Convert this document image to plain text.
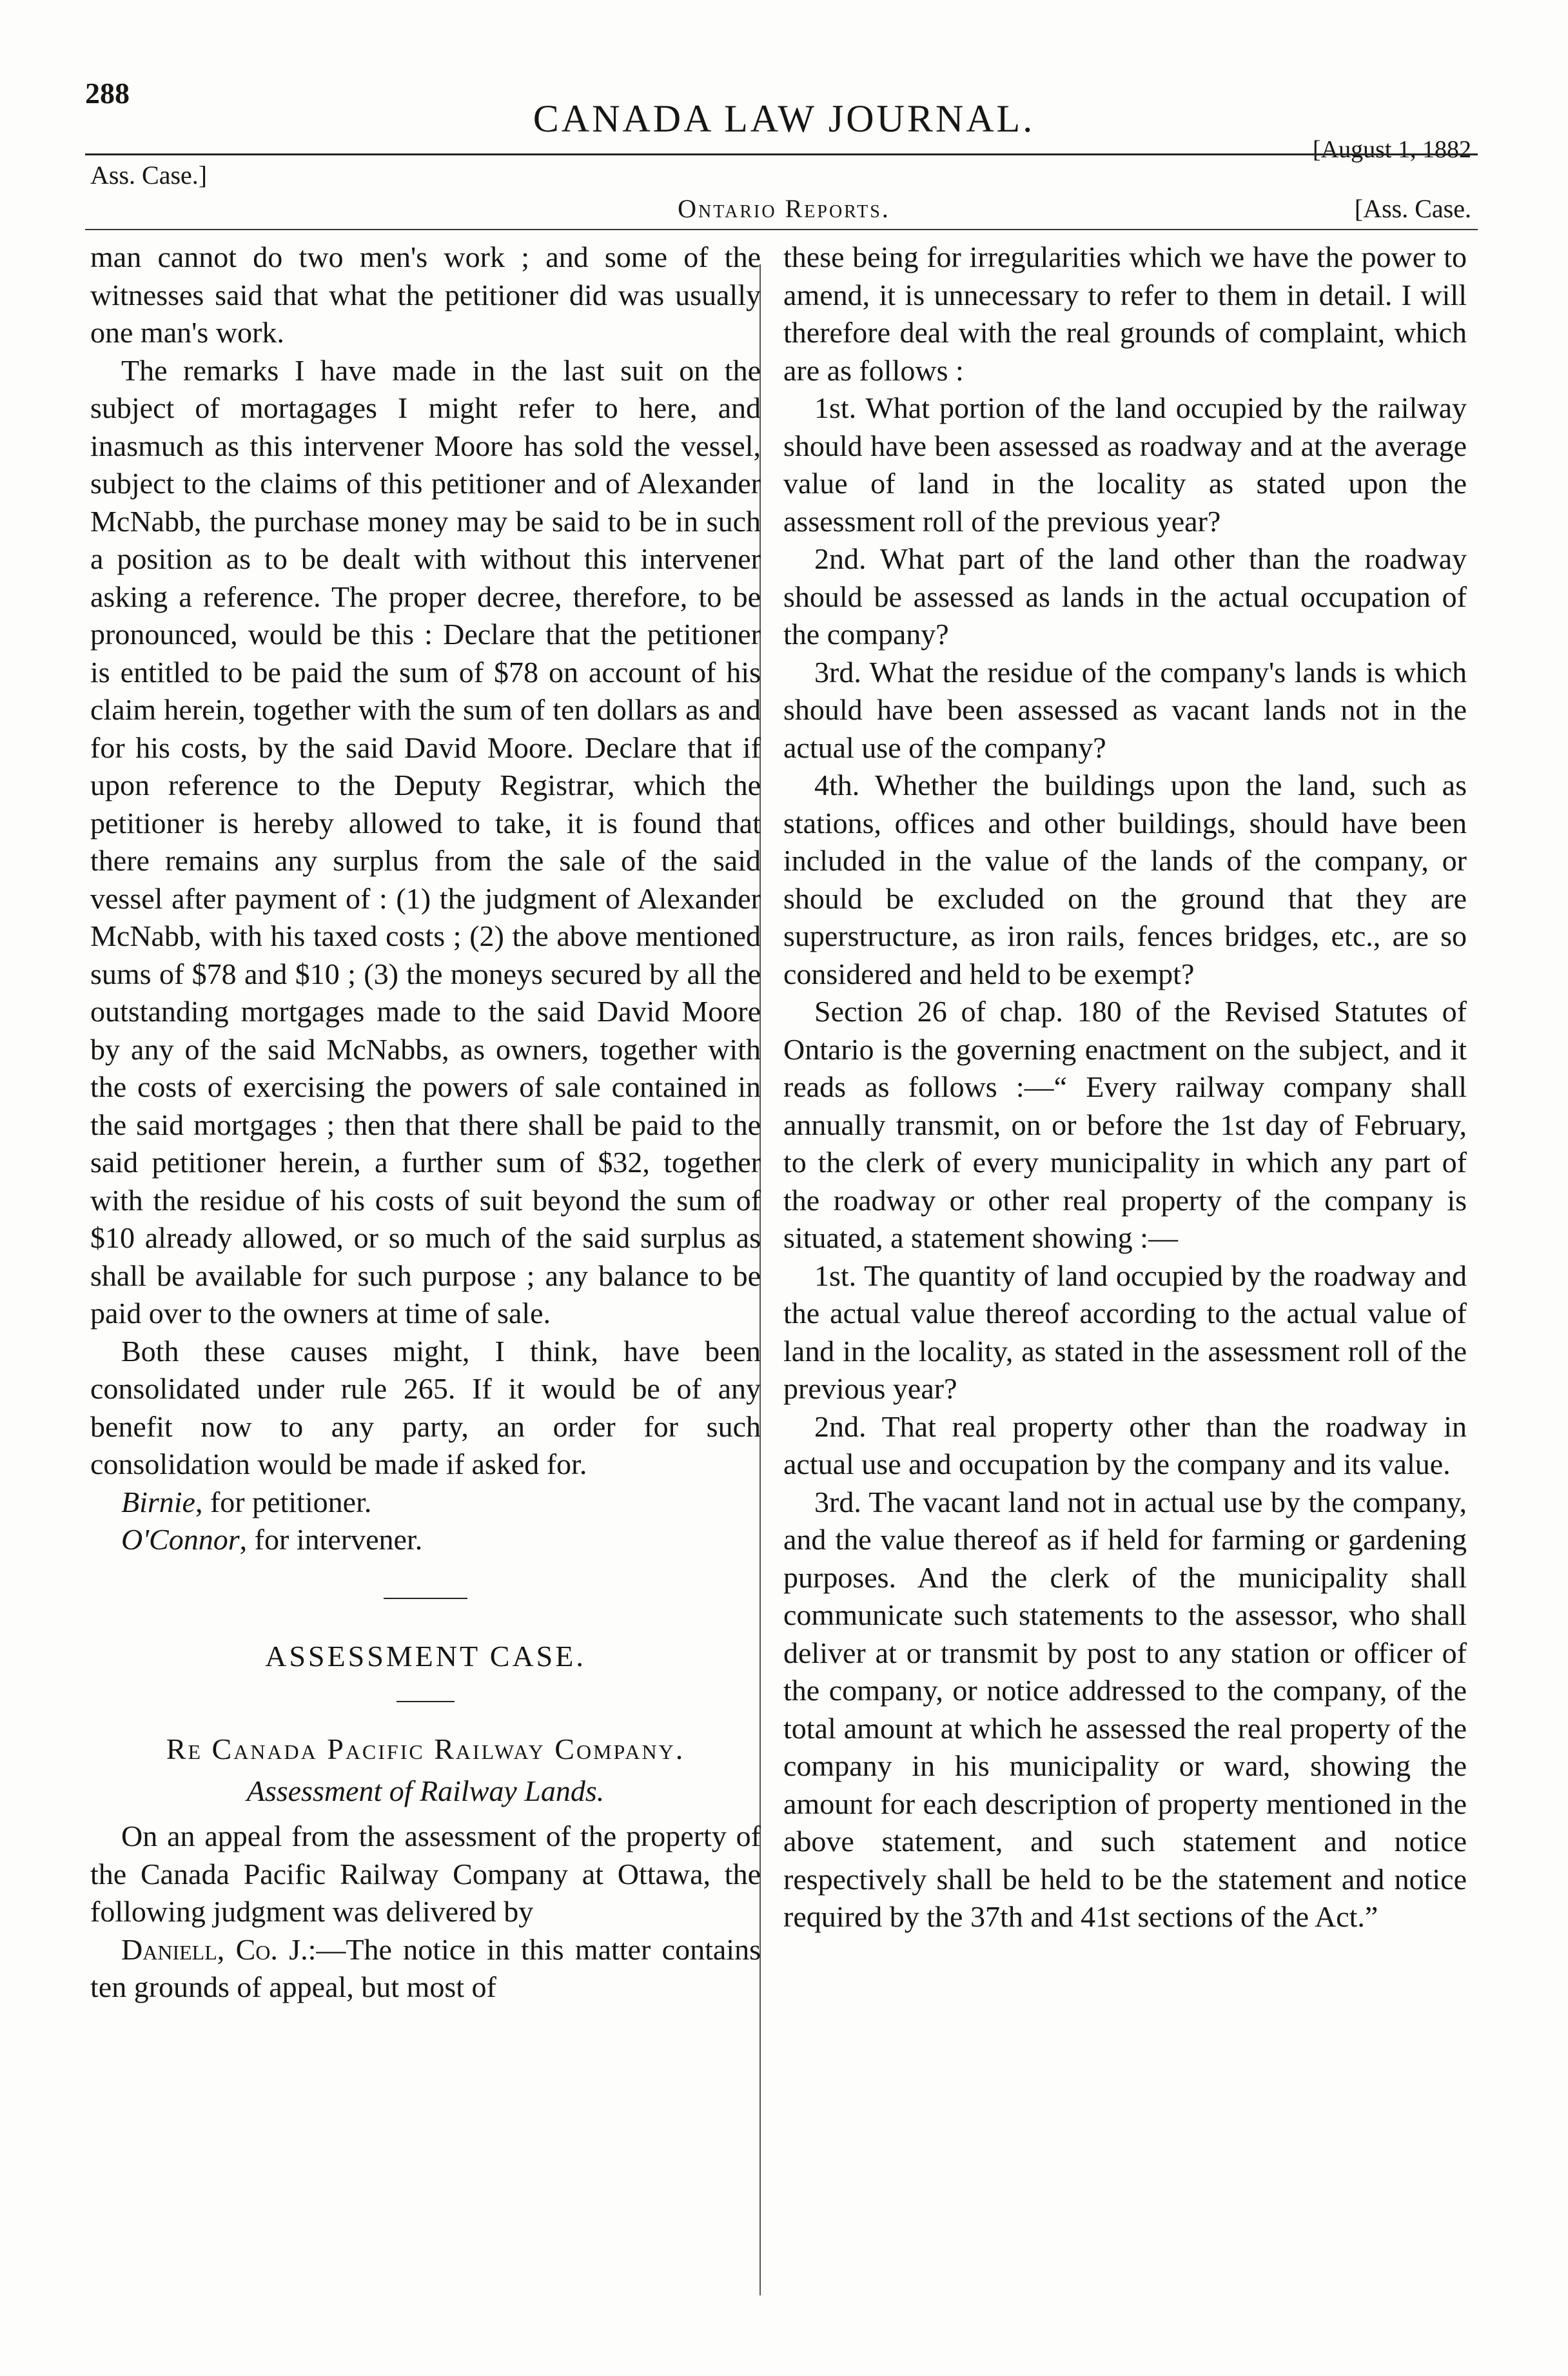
288
CANADA LAW JOURNAL.
[August 1, 1882
Ass. Case.]
Ontario Reports.	[Ass. Case.

man cannot do two men's work ; and some of the witnesses said that what the petitioner did was usually one man's work.

The remarks I have made in the last suit on the subject of mortagages I might refer to here, and inasmuch as this intervener Moore has sold the vessel, subject to the claims of this petitioner and of Alexander McNabb, the purchase money may be said to be in such a position as to be dealt with without this intervener asking a reference. The proper decree, therefore, to be pronounced, would be this : Declare that the petitioner is entitled to be paid the sum of $78 on account of his claim herein, together with the sum of ten dollars as and for his costs, by the said David Moore. Declare that if upon reference to the Deputy Registrar, which the petitioner is hereby allowed to take, it is found that there remains any surplus from the sale of the said vessel after payment of : (1) the judgment of Alexander McNabb, with his taxed costs ; (2) the above mentioned sums of $78 and $10 ; (3) the moneys secured by all the outstanding mortgages made to the said David Moore by any of the said McNabbs, as owners, together with the costs of exercising the powers of sale contained in the said mortgages ; then that there shall be paid to the said petitioner herein, a further sum of $32, together with the residue of his costs of suit beyond the sum of $10 already allowed, or so much of the said surplus as shall be available for such purpose ; any balance to be paid over to the owners at time of sale.

Both these causes might, I think, have been consolidated under rule 265. If it would be of any benefit now to any party, an order for such consolidation would be made if asked for.

Birnie, for petitioner.

O'Connor, for intervener.

ASSESSMENT CASE.

Re Canada Pacific Railway Company.

Assessment of Railway Lands.

On an appeal from the assessment of the property of the Canada Pacific Railway Company at Ottawa, the following judgment was delivered by

Daniell, Co. J.:—The notice in this matter contains ten grounds of appeal, but most of

these being for irregularities which we have the power to amend, it is unnecessary to refer to them in detail. I will therefore deal with the real grounds of complaint, which are as follows :

1st. What portion of the land occupied by the railway should have been assessed as roadway and at the average value of land in the locality as stated upon the assessment roll of the previous year?

2nd. What part of the land other than the roadway should be assessed as lands in the actual occupation of the company?

3rd. What the residue of the company's lands is which should have been assessed as vacant lands not in the actual use of the company?

4th. Whether the buildings upon the land, such as stations, offices and other buildings, should have been included in the value of the lands of the company, or should be excluded on the ground that they are superstructure, as iron rails, fences bridges, etc., are so considered and held to be exempt?

Section 26 of chap. 180 of the Revised Statutes of Ontario is the governing enactment on the subject, and it reads as follows :—“ Every railway company shall annually transmit, on or before the 1st day of February, to the clerk of every municipality in which any part of the roadway or other real property of the company is situated, a statement showing :—

1st. The quantity of land occupied by the roadway and the actual value thereof according to the actual value of land in the locality, as stated in the assessment roll of the previous year?

2nd. That real property other than the roadway in actual use and occupation by the company and its value.

3rd. The vacant land not in actual use by the company, and the value thereof as if held for farming or gardening purposes. And the clerk of the municipality shall communicate such statements to the assessor, who shall deliver at or transmit by post to any station or officer of the company, or notice addressed to the company, of the total amount at which he assessed the real property of the company in his municipality or ward, showing the amount for each description of property mentioned in the above statement, and such statement and notice respectively shall be held to be the statement and notice required by the 37th and 41st sections of the Act.”
